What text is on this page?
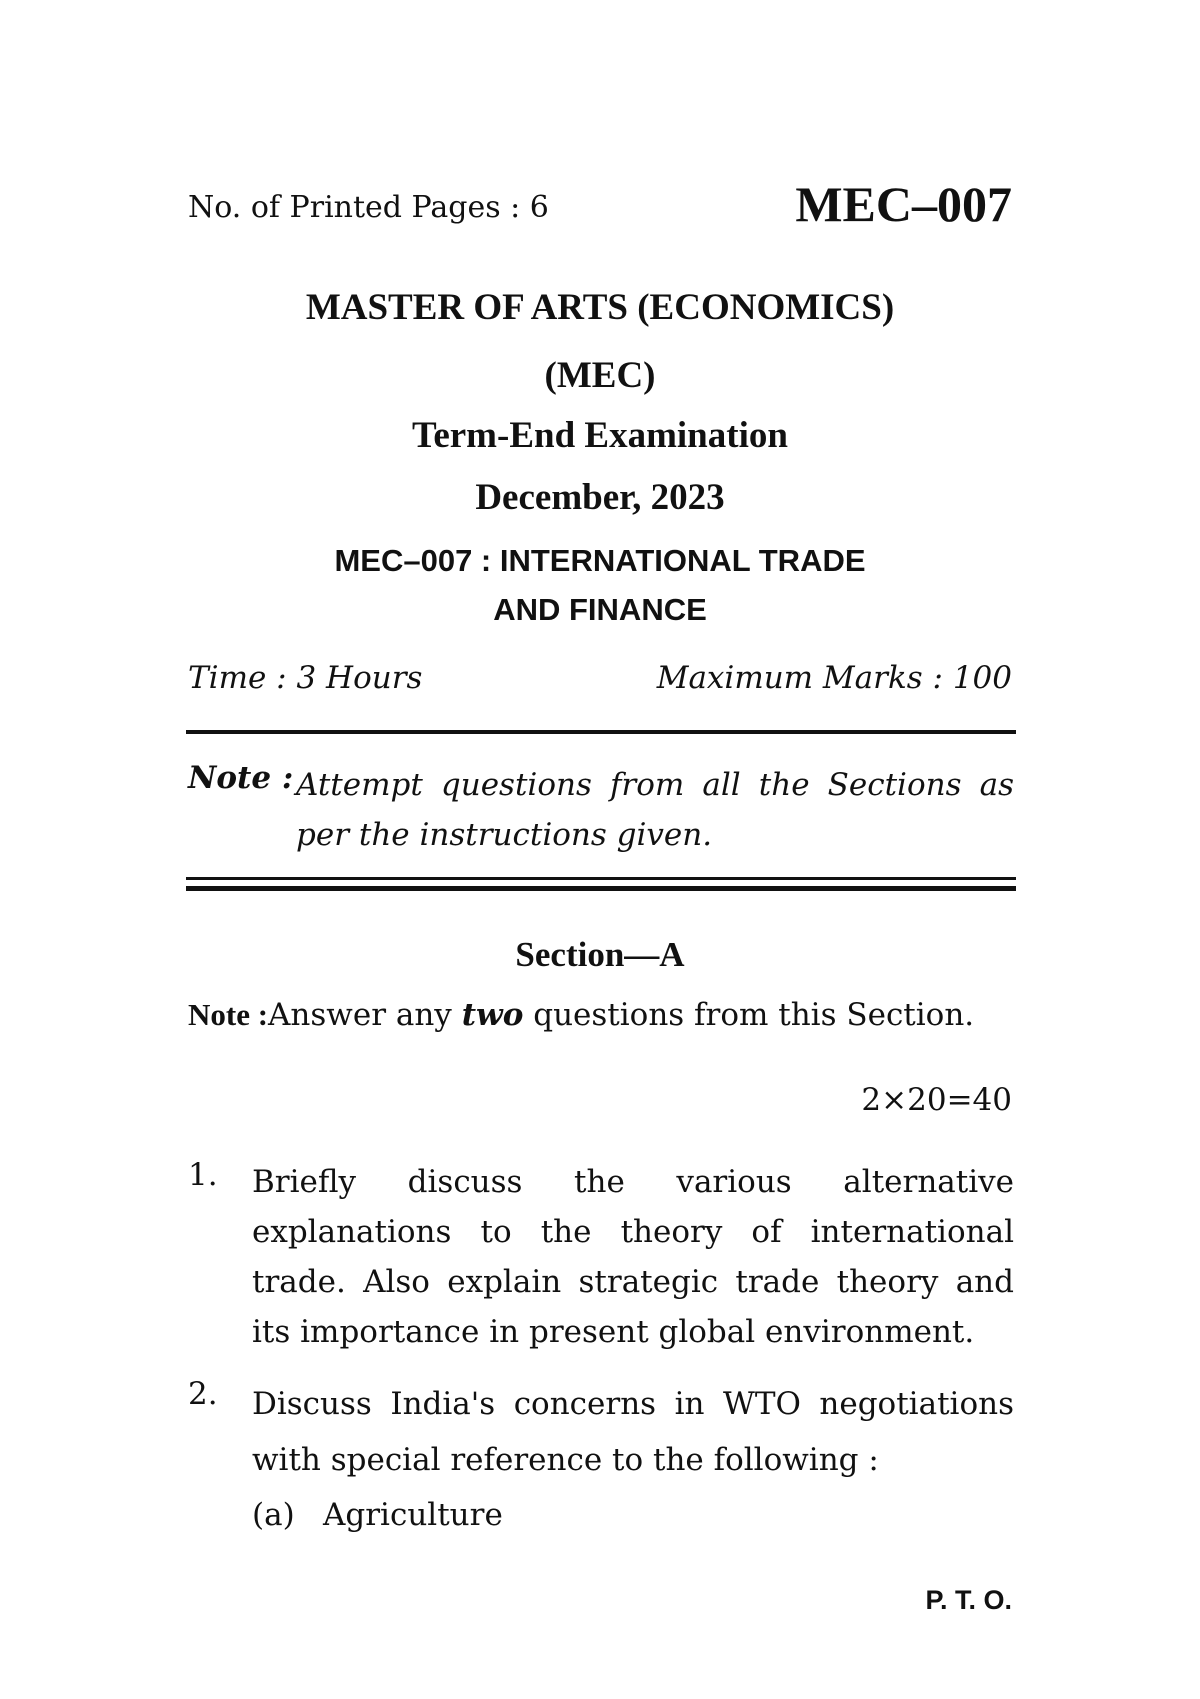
No. of Printed Pages : 6	MEC–007
MASTER OF ARTS (ECONOMICS)
(MEC)
Term-End Examination
December, 2023
MEC–007 : INTERNATIONAL TRADE
AND FINANCE
Time : 3 Hours	Maximum Marks : 100
Note : Attempt questions from all the Sections as per the instructions given.
Section—A
Note :Answer any two questions from this Section.
2×20=40
1. Briefly discuss the various alternative explanations to the theory of international trade. Also explain strategic trade theory and its importance in present global environment.
2. Discuss India's concerns in WTO negotiations with special reference to the following :
(a) Agriculture
P. T. O.
